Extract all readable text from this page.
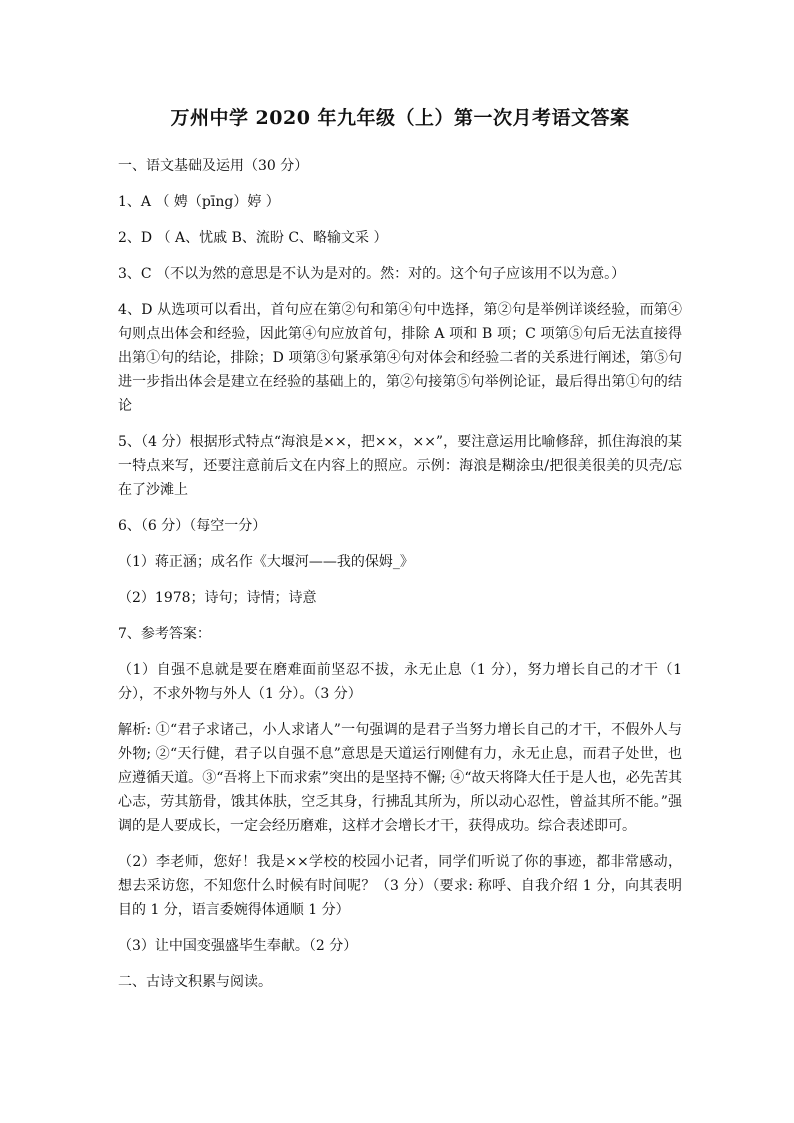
万州中学 2020 年九年级（上）第一次月考语文答案
一、语文基础及运用（30 分）
1、A （ 娉（pīng）婷 ）
2、D （ A、忧戚 B、流盼 C、略输文采 ）
3、C （不以为然的意思是不认为是对的。然：对的。这个句子应该用不以为意。）
4、D 从选项可以看出，首句应在第②句和第④句中选择，第②句是举例详谈经验，而第④句则点出体会和经验，因此第④句应放首句，排除 A 项和 B 项；C 项第⑤句后无法直接得出第①句的结论，排除；D 项第③句紧承第④句对体会和经验二者的关系进行阐述，第⑤句进一步指出体会是建立在经验的基础上的，第②句接第⑤句举例论证，最后得出第①句的结论
5、（4 分）根据形式特点“海浪是××，把××，××”，要注意运用比喻修辞，抓住海浪的某一特点来写，还要注意前后文在内容上的照应。示例：海浪是糊涂虫/把很美很美的贝壳/忘在了沙滩上
6、（6 分）（每空一分）
（1）蒋正涵；成名作《大堰河——我的保姆_》
（2）1978；诗句；诗情；诗意
7、参考答案：
（1）自强不息就是要在磨难面前坚忍不拔，永无止息（1 分），努力增长自己的才干（1 分），不求外物与外人（1 分）。（3 分）
解析: ①“君子求诸己，小人求诸人”一句强调的是君子当努力增长自己的才干，不假外人与外物; ②“天行健，君子以自强不息”意思是天道运行刚健有力，永无止息，而君子处世，也应遵循天道。③“吾将上下而求索”突出的是坚持不懈; ④“故天将降大任于是人也，必先苦其心志，劳其筋骨，饿其体肤，空乏其身，行拂乱其所为，所以动心忍性，曾益其所不能。”强调的是人要成长，一定会经历磨难，这样才会增长才干，获得成功。综合表述即可。
（2）李老师，您好！我是××学校的校园小记者，同学们听说了你的事迹，都非常感动，想去采访您，不知您什么时候有时间呢？（3 分）（要求: 称呼、自我介绍 1 分，向其表明目的 1 分，语言委婉得体通顺 1 分）
（3）让中国变强盛毕生奉献。（2 分）
二、古诗文积累与阅读。
